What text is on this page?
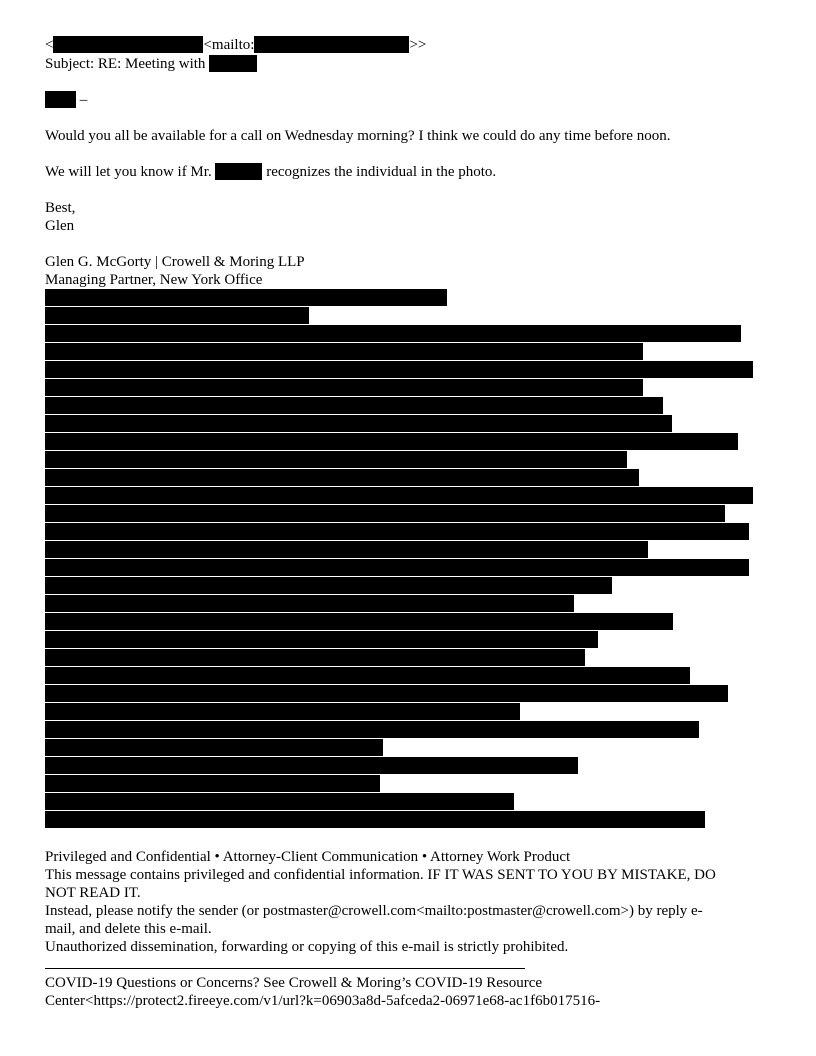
<	<mailto:	>>
Subject: RE: Meeting with
–
Would you all be available for a call on Wednesday morning? I think we could do any time before noon.
We will let you know if Mr.	recognizes the individual in the photo.
Best,
Glen
Glen G. McGorty | Crowell & Moring LLP
Managing Partner, New York Office
Privileged and Confidential • Attorney-Client Communication • Attorney Work Product
This message contains privileged and confidential information. IF IT WAS SENT TO YOU BY MISTAKE, DO
NOT READ IT.
Instead, please notify the sender (or postmaster@crowell.com<mailto:postmaster@crowell.com>) by reply e-
mail, and delete this e-mail.
Unauthorized dissemination, forwarding or copying of this e-mail is strictly prohibited.
COVID-19 Questions or Concerns? See Crowell & Moring’s COVID-19 Resource
Center<https://protect2.fireeye.com/v1/url?k=06903a8d-5afceda2-06971e68-ac1f6b017516-
